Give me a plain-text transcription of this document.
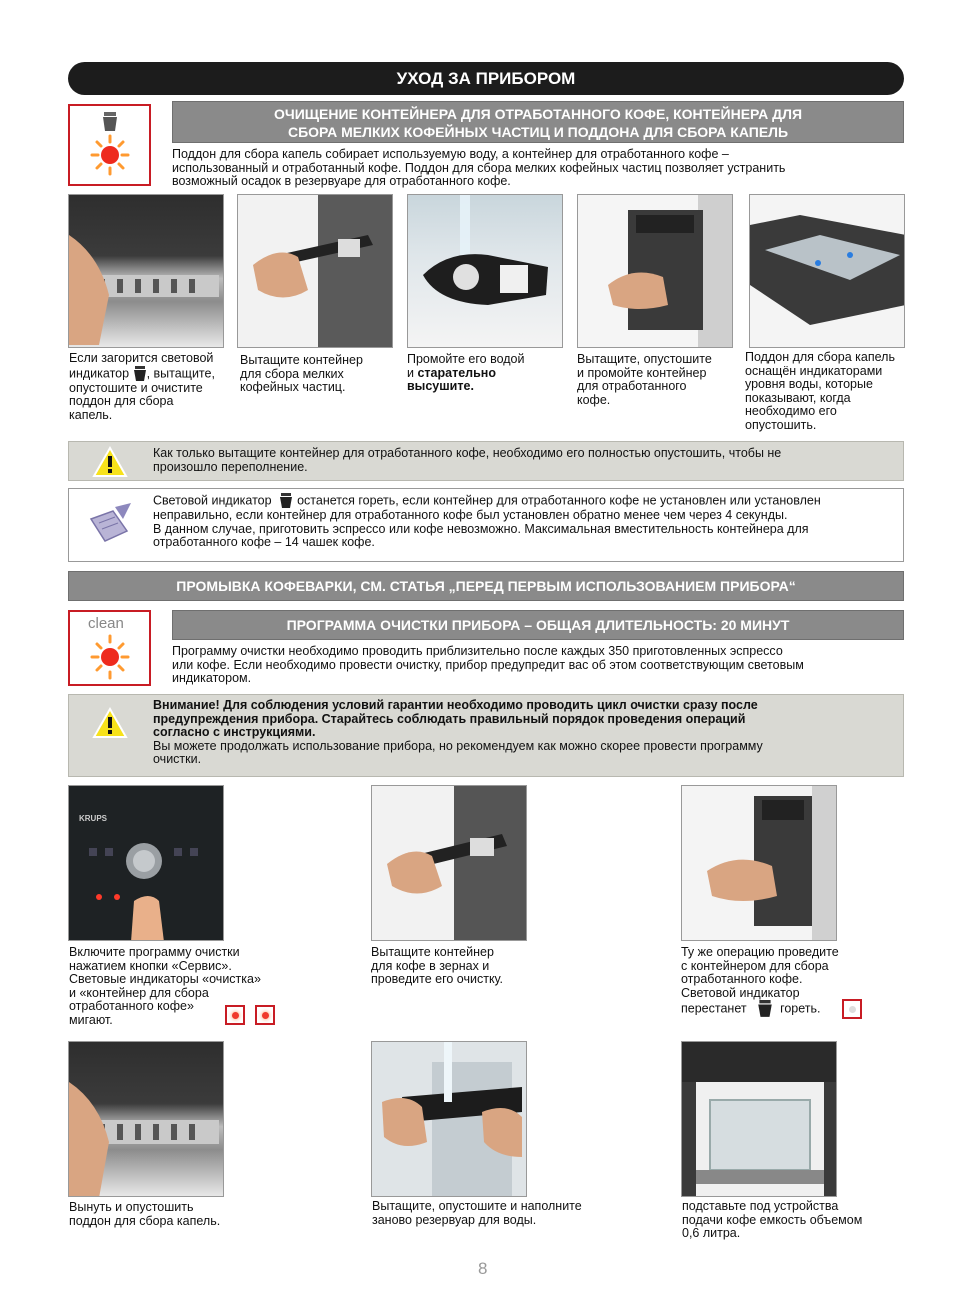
УХОД ЗА ПРИБОРОМ
ОЧИЩЕНИЕ КОНТЕЙНЕРА ДЛЯ ОТРАБОТАННОГО КОФЕ, КОНТЕЙНЕРА ДЛЯ
СБОРА МЕЛКИХ КОФЕЙНЫХ ЧАСТИЦ И ПОДДОНА ДЛЯ СБОРА КАПЕЛЬ
Поддон для сбора капель собирает используемую воду, а контейнер для отработанного кофе –
использованный и отработанный кофе. Поддон для сбора мелких кофейных частиц позволяет устранить
возможный осадок в резервуаре для отработанного кофе.
Если загорится световой
индикатор , вытащите,
опустошите и очистите
поддон для сбора
капель.
Вытащите контейнер
для сбора мелких
кофейных частиц.
Промойте его водой
и старательно
высушите.
Вытащите, опустошите
и промойте контейнер
для отработанного
кофе.
Поддон для сбора капель
оснащён индикаторами
уровня воды, которые
показывают, когда
необходимо его
опустошить.
Как только вытащите контейнер для отработанного кофе, необходимо его полностью опустошить, чтобы не
произошло переполнение.
Световой индикатор останется гореть, если контейнер для отработанного кофе не установлен или установлен
неправильно, если контейнер для отработанного кофе был установлен обратно менее чем через 4 секунды.
В данном случае, приготовить эспрессо или кофе невозможно. Максимальная вместительность контейнера для
отработанного кофе – 14 чашек кофе.
ПРОМЫВКА КОФЕВАРКИ, СМ. СТАТЬЯ „ПЕРЕД ПЕРВЫМ ИСПОЛЬЗОВАНИЕМ ПРИБОРА“
clean	ПРОГРАММА ОЧИСТКИ ПРИБОРА – ОБЩАЯ ДЛИТЕЛЬНОСТЬ: 20 МИНУТ
Программу очистки необходимо проводить приблизительно после каждых 350 приготовленных эспрессо
или кофе. Если необходимо провести очистку, прибор предупредит вас об этом соответствующим световым
индикатором.
Внимание! Для соблюдения условий гарантии необходимо проводить цикл очистки сразу после
предупреждения прибора. Старайтесь соблюдать правильный порядок проведения операций
согласно с инструкциями.
Вы можете продолжать использование прибора, но рекомендуем как можно скорее провести программу
очистки.
KRUPS
Включите программу очистки
нажатием кнопки «Сервис».
Световые индикаторы «очистка»
и «контейнер для сбора
отработанного кофе»
мигают.
Вытащите контейнер
для кофе в зернах и
проведите его очистку.
Ту же операцию проведите
с контейнером для сбора
отработанного кофе.
Световой индикатор
перестанет	гореть.
Вынуть и опустошить
поддон для сбора капель.
Вытащите, опустошите и наполните
заново резервуар для воды.
подставьте под устройства
подачи кофе емкость объемом
0,6 литра.
8
